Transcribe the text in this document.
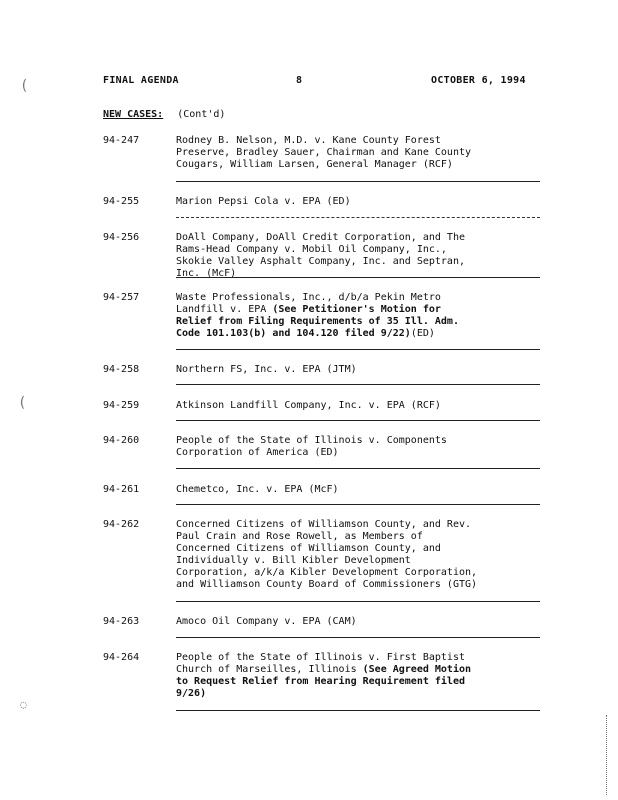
(
(
◌
FINAL AGENDA	8	OCTOBER 6, 1994
NEW CASES: (Cont'd)
94-247	Rodney B. Nelson, M.D. v. Kane County Forest
Preserve, Bradley Sauer, Chairman and Kane County
Cougars, William Larsen, General Manager (RCF)
94-255	Marion Pepsi Cola v. EPA (ED)
94-256	DoAll Company, DoAll Credit Corporation, and The
Rams-Head Company v. Mobil Oil Company, Inc.,
Skokie Valley Asphalt Company, Inc. and Septran,
Inc. (McF)
94-257	Waste Professionals, Inc., d/b/a Pekin Metro
Landfill v. EPA (See Petitioner's Motion for
Relief from Filing Requirements of 35 Ill. Adm.
Code 101.103(b) and 104.120 filed 9/22)(ED)
94-258	Northern FS, Inc. v. EPA (JTM)
94-259	Atkinson Landfill Company, Inc. v. EPA (RCF)
94-260	People of the State of Illinois v. Components
Corporation of America (ED)
94-261	Chemetco, Inc. v. EPA (McF)
94-262	Concerned Citizens of Williamson County, and Rev.
Paul Crain and Rose Rowell, as Members of
Concerned Citizens of Williamson County, and
Individually v. Bill Kibler Development
Corporation, a/k/a Kibler Development Corporation,
and Williamson County Board of Commissioners (GTG)
94-263	Amoco Oil Company v. EPA (CAM)
94-264	People of the State of Illinois v. First Baptist
Church of Marseilles, Illinois (See Agreed Motion
to Request Relief from Hearing Requirement filed
9/26)
